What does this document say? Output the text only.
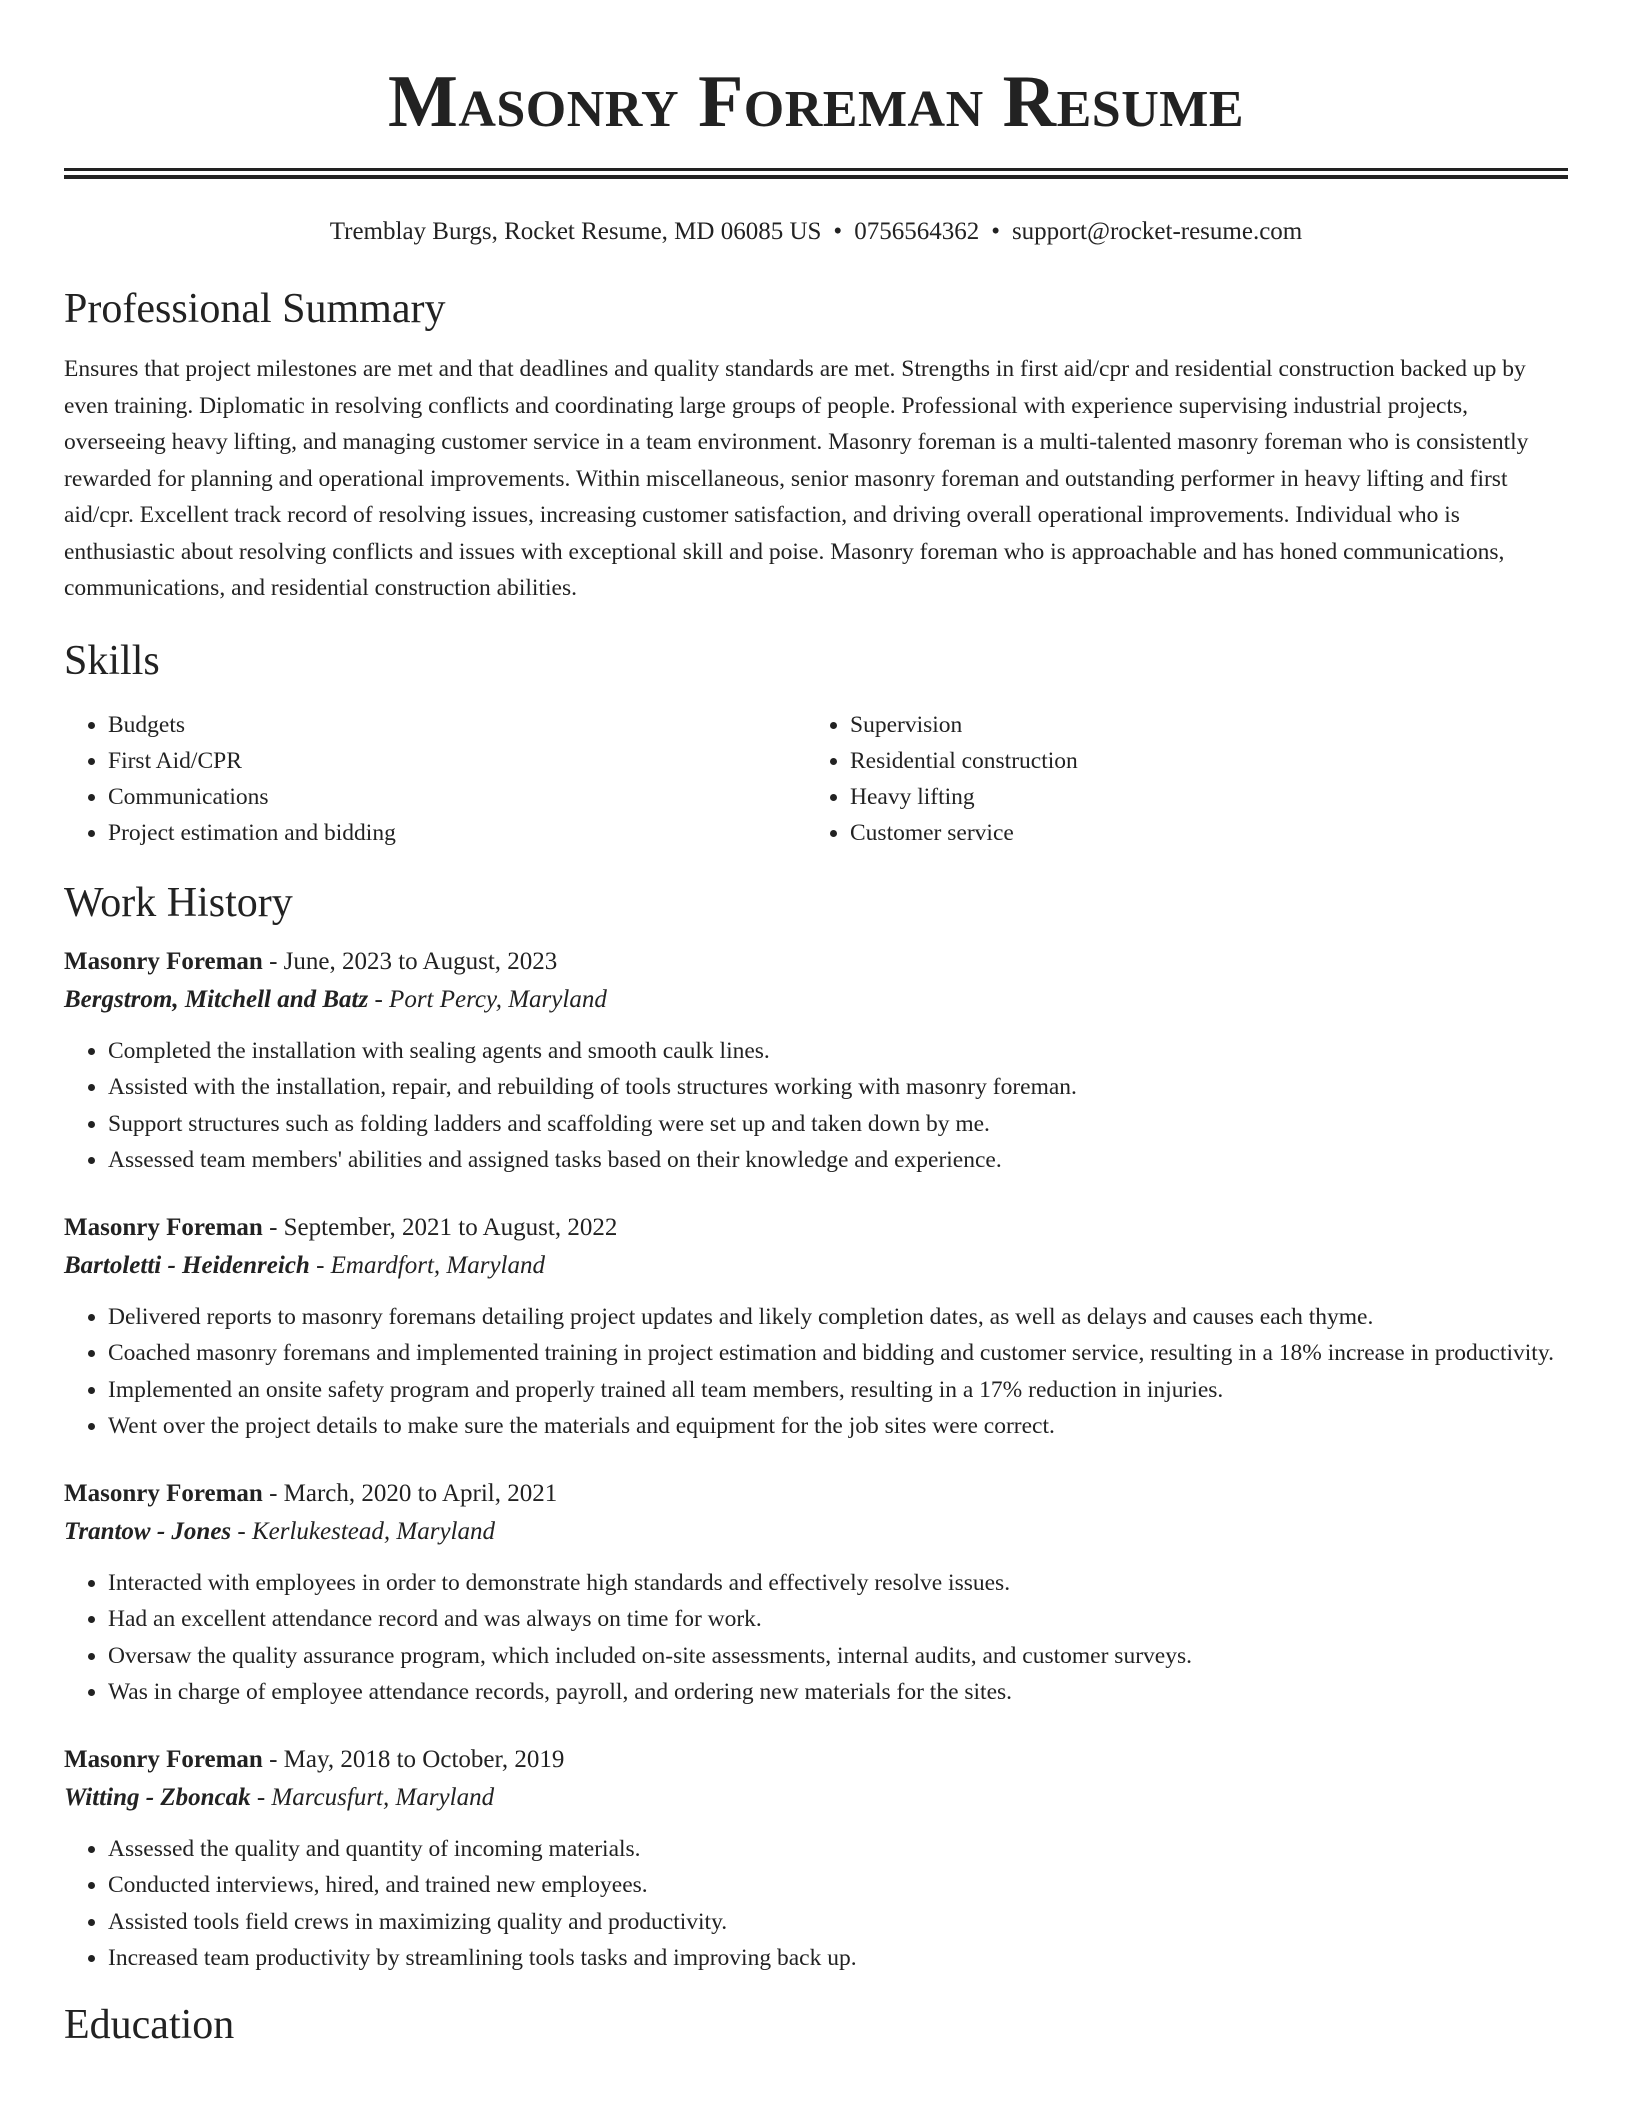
Masonry Foreman Resume
Tremblay Burgs, Rocket Resume, MD 06085 US • 0756564362 • support@rocket-resume.com
Professional Summary
Ensures that project milestones are met and that deadlines and quality standards are met. Strengths in first aid/cpr and residential construction backed up by even training. Diplomatic in resolving conflicts and coordinating large groups of people. Professional with experience supervising industrial projects, overseeing heavy lifting, and managing customer service in a team environment. Masonry foreman is a multi-talented masonry foreman who is consistently rewarded for planning and operational improvements. Within miscellaneous, senior masonry foreman and outstanding performer in heavy lifting and first aid/cpr. Excellent track record of resolving issues, increasing customer satisfaction, and driving overall operational improvements. Individual who is enthusiastic about resolving conflicts and issues with exceptional skill and poise. Masonry foreman who is approachable and has honed communications, communications, and residential construction abilities.
Skills
• Budgets
• First Aid/CPR
• Communications
• Project estimation and bidding
• Supervision
• Residential construction
• Heavy lifting
• Customer service
Work History
Masonry Foreman - June, 2023 to August, 2023
Bergstrom, Mitchell and Batz - Port Percy, Maryland
• Completed the installation with sealing agents and smooth caulk lines.
• Assisted with the installation, repair, and rebuilding of tools structures working with masonry foreman.
• Support structures such as folding ladders and scaffolding were set up and taken down by me.
• Assessed team members' abilities and assigned tasks based on their knowledge and experience.
Masonry Foreman - September, 2021 to August, 2022
Bartoletti - Heidenreich - Emardfort, Maryland
• Delivered reports to masonry foremans detailing project updates and likely completion dates, as well as delays and causes each thyme.
• Coached masonry foremans and implemented training in project estimation and bidding and customer service, resulting in a 18% increase in productivity.
• Implemented an onsite safety program and properly trained all team members, resulting in a 17% reduction in injuries.
• Went over the project details to make sure the materials and equipment for the job sites were correct.
Masonry Foreman - March, 2020 to April, 2021
Trantow - Jones - Kerlukestead, Maryland
• Interacted with employees in order to demonstrate high standards and effectively resolve issues.
• Had an excellent attendance record and was always on time for work.
• Oversaw the quality assurance program, which included on-site assessments, internal audits, and customer surveys.
• Was in charge of employee attendance records, payroll, and ordering new materials for the sites.
Masonry Foreman - May, 2018 to October, 2019
Witting - Zboncak - Marcusfurt, Maryland
• Assessed the quality and quantity of incoming materials.
• Conducted interviews, hired, and trained new employees.
• Assisted tools field crews in maximizing quality and productivity.
• Increased team productivity by streamlining tools tasks and improving back up.
Education
